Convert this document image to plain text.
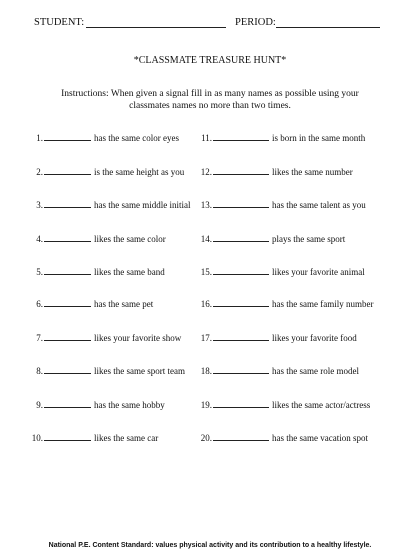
STUDENT:	PERIOD:
*CLASSMATE TREASURE HUNT*
Instructions: When given a signal fill in as many names as possible using your
classmates names no more than two times.
1.	has the same color eyes
2.	is the same height as you
3.	has the same middle initial
4.	likes the same color
5.	likes the same band
6.	has the same pet
7.	likes your favorite show
8.	likes the same sport team
9.	has the same hobby
10.	likes the same car
11.	is born in the same month
12.	likes the same number
13.	has the same talent as you
14.	plays the same sport
15.	likes your favorite animal
16.	has the same family number
17.	likes your favorite food
18.	has the same role model
19.	likes the same actor/actress
20.	has the same vacation spot
National P.E. Content Standard: values physical activity and its contribution to a healthy lifestyle.
